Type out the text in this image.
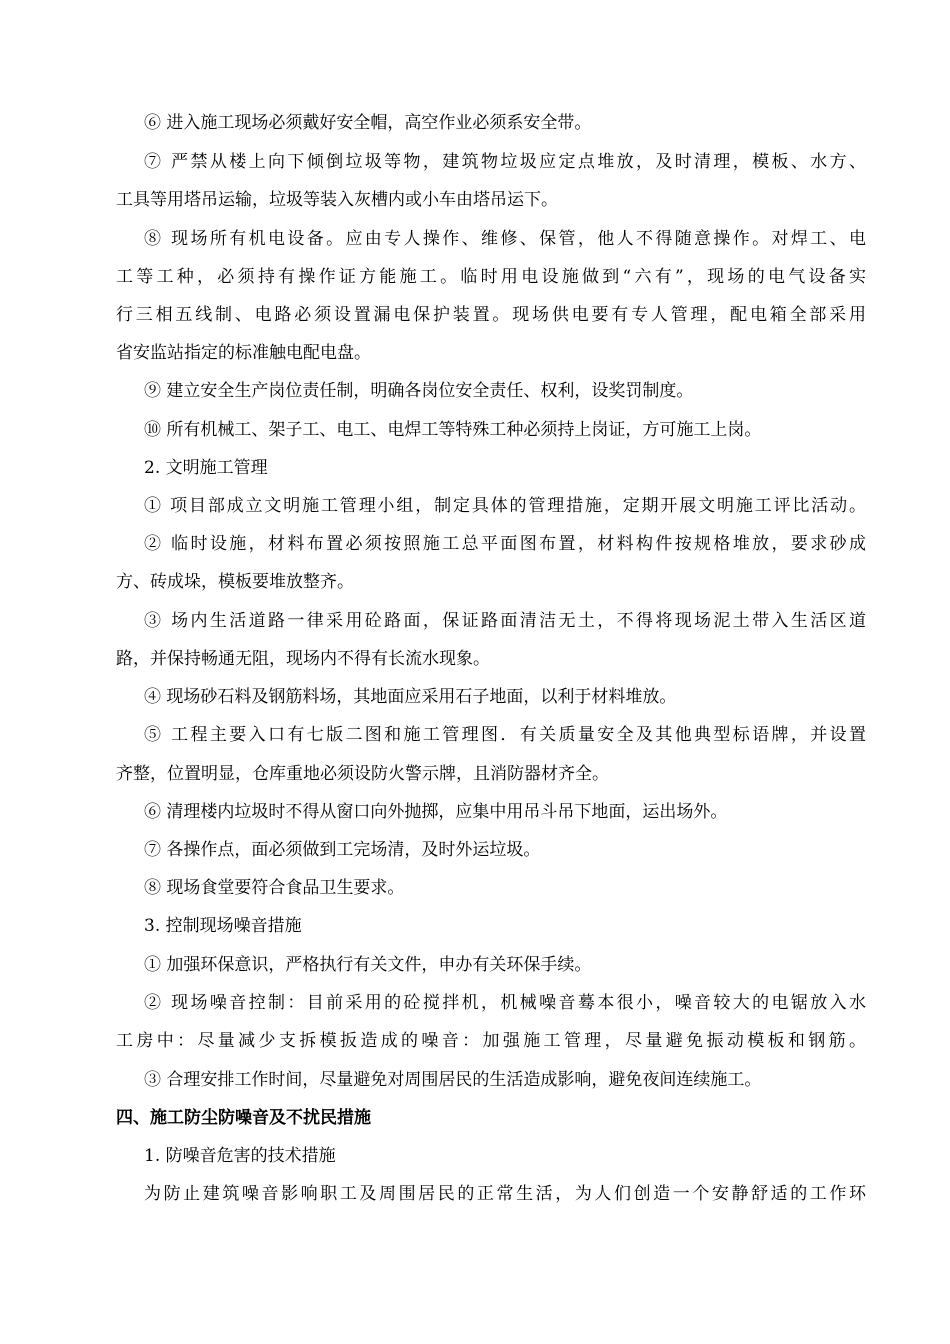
⑥ 进入施工现场必须戴好安全帽，高空作业必须系安全带。
⑦ 严禁从楼上向下倾倒垃圾等物，建筑物垃圾应定点堆放，及时清理，模板、水方、
工具等用塔吊运输，垃圾等装入灰槽内或小车由塔吊运下。
⑧ 现场所有机电设备。应由专人操作、维修、保管，他人不得随意操作。对焊工、电
工等工种，必须持有操作证方能施工。临时用电设施做到“六有”，现场的电气设备实
行三相五线制、电路必须设置漏电保护装置。现场供电要有专人管理，配电箱全部采用
省安监站指定的标准触电配电盘。
⑨ 建立安全生产岗位责任制，明确各岗位安全责任、权利，设奖罚制度。
⑩ 所有机械工、架子工、电工、电焊工等特殊工种必须持上岗证，方可施工上岗。
2. 文明施工管理
① 项目部成立文明施工管理小组，制定具体的管理措施，定期开展文明施工评比活动。
② 临时设施，材料布置必须按照施工总平面图布置，材料构件按规格堆放，要求砂成
方、砖成垛，模板要堆放整齐。
③ 场内生活道路一律采用砼路面，保证路面清洁无土，不得将现场泥土带入生活区道
路，并保持畅通无阻，现场内不得有长流水现象。
④ 现场砂石料及钢筋料场，其地面应采用石子地面，以利于材料堆放。
⑤ 工程主要入口有七版二图和施工管理图．有关质量安全及其他典型标语牌，并设置
齐整，位置明显，仓库重地必须设防火警示牌，且消防器材齐全。
⑥ 清理楼内垃圾时不得从窗口向外抛掷，应集中用吊斗吊下地面，运出场外。
⑦ 各操作点，面必须做到工完场清，及时外运垃圾。
⑧ 现场食堂要符合食品卫生要求。
3. 控制现场噪音措施
① 加强环保意识，严格执行有关文件，申办有关环保手续。
② 现场噪音控制：目前采用的砼搅拌机，机械噪音蓦本很小，噪音较大的电锯放入水
工房中：尽量减少支拆模扳造成的噪音：加强施工管理，尽量避免振动模板和钢筋。
③ 合理安排工作时间，尽量避免对周围居民的生活造成影响，避免夜间连续施工。
四、施工防尘防噪音及不扰民措施
1. 防噪音危害的技术措施
为防止建筑噪音影响职工及周围居民的正常生活，为人们创造一个安静舒适的工作环
